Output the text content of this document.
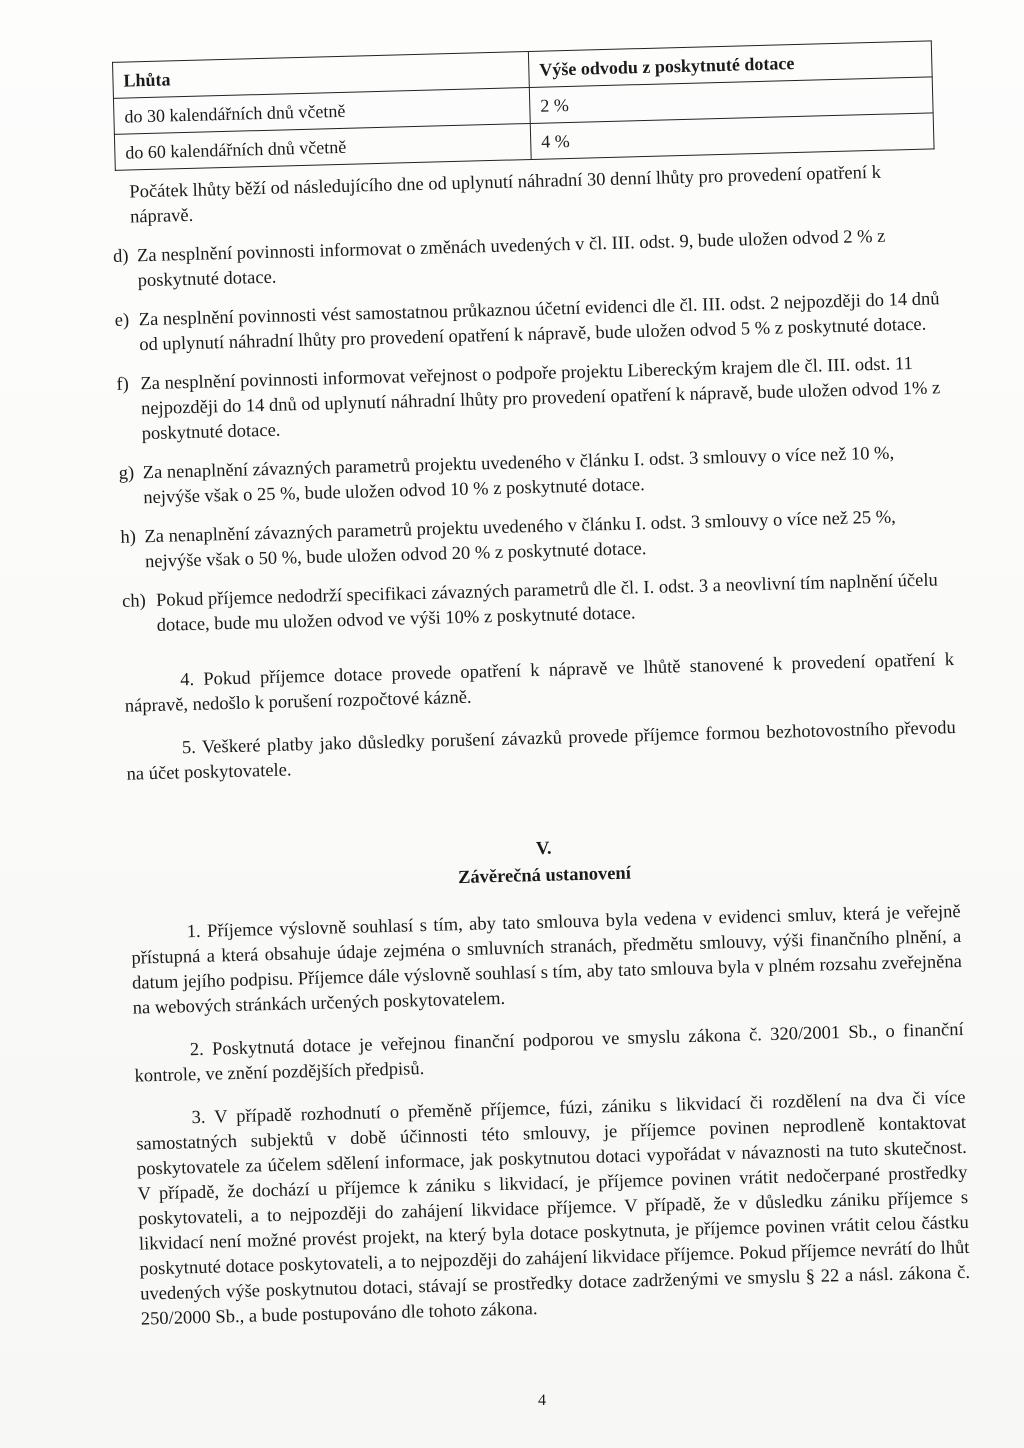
Lhůta	Výše odvodu z poskytnuté dotace
do 30 kalendářních dnů včetně	2 %
do 60 kalendářních dnů včetně	4 %

Počátek lhůty běží od následujícího dne od uplynutí náhradní 30 denní lhůty pro provedení opatření k nápravě.

d) Za nesplnění povinnosti informovat o změnách uvedených v čl. III. odst. 9, bude uložen odvod 2 % z poskytnuté dotace.

e) Za nesplnění povinnosti vést samostatnou průkaznou účetní evidenci dle čl. III. odst. 2 nejpozději do 14 dnů od uplynutí náhradní lhůty pro provedení opatření k nápravě, bude uložen odvod 5 % z poskytnuté dotace.

f) Za nesplnění povinnosti informovat veřejnost o podpoře projektu Libereckým krajem dle čl. III. odst. 11 nejpozději do 14 dnů od uplynutí náhradní lhůty pro provedení opatření k nápravě, bude uložen odvod 1% z poskytnuté dotace.

g) Za nenaplnění závazných parametrů projektu uvedeného v článku I. odst. 3 smlouvy o více než 10 %, nejvýše však o 25 %, bude uložen odvod 10 % z poskytnuté dotace.

h) Za nenaplnění závazných parametrů projektu uvedeného v článku I. odst. 3 smlouvy o více než 25 %, nejvýše však o 50 %, bude uložen odvod 20 % z poskytnuté dotace.

ch) Pokud příjemce nedodrží specifikaci závazných parametrů dle čl. I. odst. 3 a neovlivní tím naplnění účelu dotace, bude mu uložen odvod ve výši 10% z poskytnuté dotace.

4. Pokud příjemce dotace provede opatření k nápravě ve lhůtě stanovené k provedení opatření k nápravě, nedošlo k porušení rozpočtové kázně.

5. Veškeré platby jako důsledky porušení závazků provede příjemce formou bezhotovostního převodu na účet poskytovatele.

V.

Závěrečná ustanovení

1. Příjemce výslovně souhlasí s tím, aby tato smlouva byla vedena v evidenci smluv, která je veřejně přístupná a která obsahuje údaje zejména o smluvních stranách, předmětu smlouvy, výši finančního plnění, a datum jejího podpisu. Příjemce dále výslovně souhlasí s tím, aby tato smlouva byla v plném rozsahu zveřejněna na webových stránkách určených poskytovatelem.

2. Poskytnutá dotace je veřejnou finanční podporou ve smyslu zákona č. 320/2001 Sb., o finanční kontrole, ve znění pozdějších předpisů.

3. V případě rozhodnutí o přeměně příjemce, fúzi, zániku s likvidací či rozdělení na dva či více samostatných subjektů v době účinnosti této smlouvy, je příjemce povinen neprodleně kontaktovat poskytovatele za účelem sdělení informace, jak poskytnutou dotaci vypořádat v návaznosti na tuto skutečnost. V případě, že dochází u příjemce k zániku s likvidací, je příjemce povinen vrátit nedočerpané prostředky poskytovateli, a to nejpozději do zahájení likvidace příjemce. V případě, že v důsledku zániku příjemce s likvidací není možné provést projekt, na který byla dotace poskytnuta, je příjemce povinen vrátit celou částku poskytnuté dotace poskytovateli, a to nejpozději do zahájení likvidace příjemce. Pokud příjemce nevrátí do lhůt uvedených výše poskytnutou dotaci, stávají se prostředky dotace zadrženými ve smyslu § 22 a násl. zákona č. 250/2000 Sb., a bude postupováno dle tohoto zákona.

4
